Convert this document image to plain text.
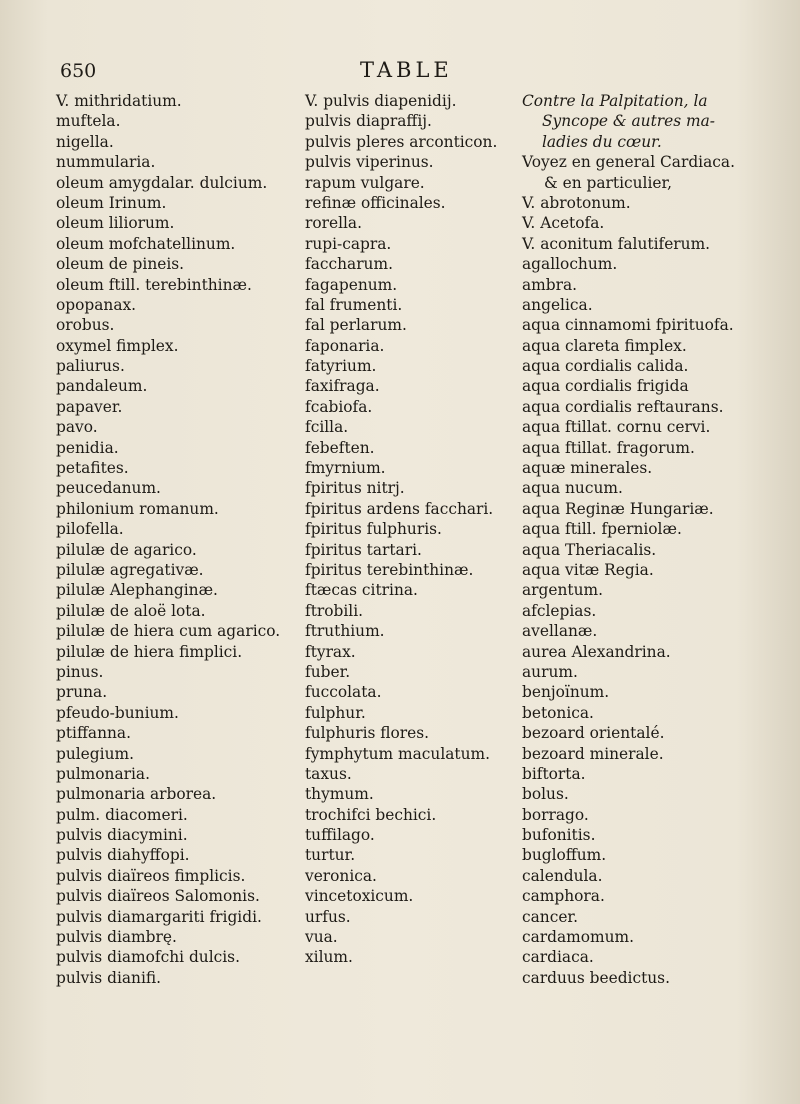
650	TABLE
V. mithridatium.
muftela.
nigella.
nummularia.
oleum amygdalar. dulcium.
oleum Irinum.
oleum liliorum.
oleum mofchatellinum.
oleum de pineis.
oleum ftill. terebinthinæ.
opopanax.
orobus.
oxymel fimplex.
paliurus.
pandaleum.
papaver.
pavo.
penidia.
petafites.
peucedanum.
philonium romanum.
pilofella.
pilulæ de agarico.
pilulæ agregativæ.
pilulæ Alephanginæ.
pilulæ de aloë lota.
pilulæ de hiera cum agarico.
pilulæ de hiera fimplici.
pinus.
pruna.
pfeudo-bunium.
ptiffanna.
pulegium.
pulmonaria.
pulmonaria arborea.
pulm. diacomeri.
pulvis diacymini.
pulvis diahyffopi.
pulvis diaïreos fimplicis.
pulvis diaïreos Salomonis.
pulvis diamargariti frigidi.
pulvis diambrę.
pulvis diamofchi dulcis.
pulvis dianifi.
V. pulvis diapenidij.
pulvis diapraffij.
pulvis pleres arconticon.
pulvis viperinus.
rapum vulgare.
refinæ officinales.
rorella.
rupi-capra.
faccharum.
fagapenum.
fal frumenti.
fal perlarum.
faponaria.
fatyrium.
faxifraga.
fcabiofa.
fcilla.
febeften.
fmyrnium.
fpiritus nitrj.
fpiritus ardens facchari.
fpiritus fulphuris.
fpiritus tartari.
fpiritus terebinthinæ.
ftæcas citrina.
ftrobili.
ftruthium.
ftyrax.
fuber.
fuccolata.
fulphur.
fulphuris flores.
fymphytum maculatum.
taxus.
thymum.
trochifci bechici.
tuffilago.
turtur.
veronica.
vincetoxicum.
urfus.
vua.
xilum.
Contre la Palpitation, la
Syncope & autres ma-
ladies du cœur.
Voyez en general Cardiaca.
& en particulier,
V. abrotonum.
V. Acetofa.
V. aconitum falutiferum.
agallochum.
ambra.
angelica.
aqua cinnamomi fpirituofa.
aqua clareta fimplex.
aqua cordialis calida.
aqua cordialis frigida
aqua cordialis reftaurans.
aqua ftillat. cornu cervi.
aqua ftillat. fragorum.
aquæ minerales.
aqua nucum.
aqua Reginæ Hungariæ.
aqua ftill. fperniolæ.
aqua Theriacalis.
aqua vitæ Regia.
argentum.
afclepias.
avellanæ.
aurea Alexandrina.
aurum.
benjoïnum.
betonica.
bezoard orientalé.
bezoard minerale.
biftorta.
bolus.
borrago.
bufonitis.
bugloffum.
calendula.
camphora.
cancer.
cardamomum.
cardiaca.
carduus beedictus.
